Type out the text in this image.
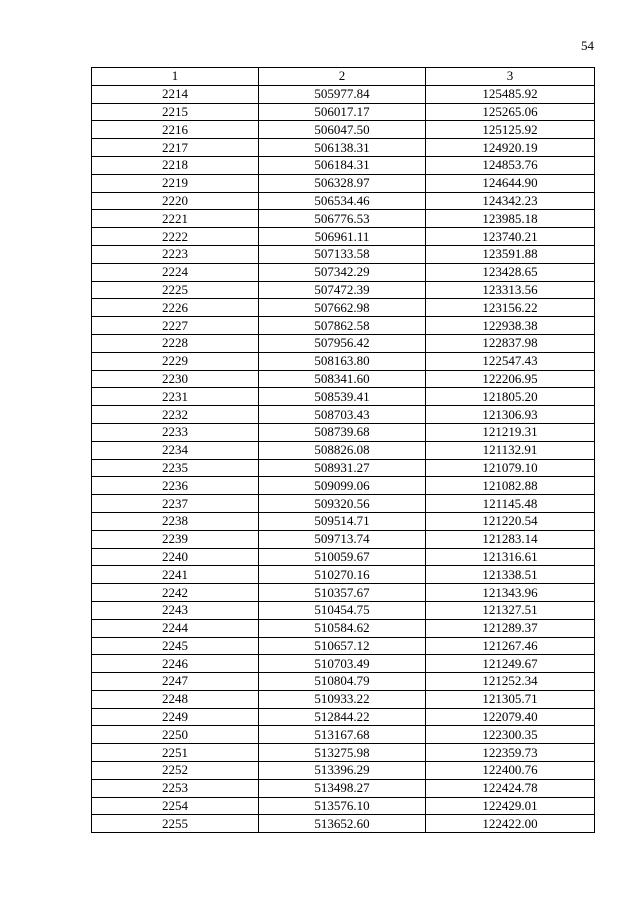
54
1	2	3
2214	505977.84	125485.92
2215	506017.17	125265.06
2216	506047.50	125125.92
2217	506138.31	124920.19
2218	506184.31	124853.76
2219	506328.97	124644.90
2220	506534.46	124342.23
2221	506776.53	123985.18
2222	506961.11	123740.21
2223	507133.58	123591.88
2224	507342.29	123428.65
2225	507472.39	123313.56
2226	507662.98	123156.22
2227	507862.58	122938.38
2228	507956.42	122837.98
2229	508163.80	122547.43
2230	508341.60	122206.95
2231	508539.41	121805.20
2232	508703.43	121306.93
2233	508739.68	121219.31
2234	508826.08	121132.91
2235	508931.27	121079.10
2236	509099.06	121082.88
2237	509320.56	121145.48
2238	509514.71	121220.54
2239	509713.74	121283.14
2240	510059.67	121316.61
2241	510270.16	121338.51
2242	510357.67	121343.96
2243	510454.75	121327.51
2244	510584.62	121289.37
2245	510657.12	121267.46
2246	510703.49	121249.67
2247	510804.79	121252.34
2248	510933.22	121305.71
2249	512844.22	122079.40
2250	513167.68	122300.35
2251	513275.98	122359.73
2252	513396.29	122400.76
2253	513498.27	122424.78
2254	513576.10	122429.01
2255	513652.60	122422.00
